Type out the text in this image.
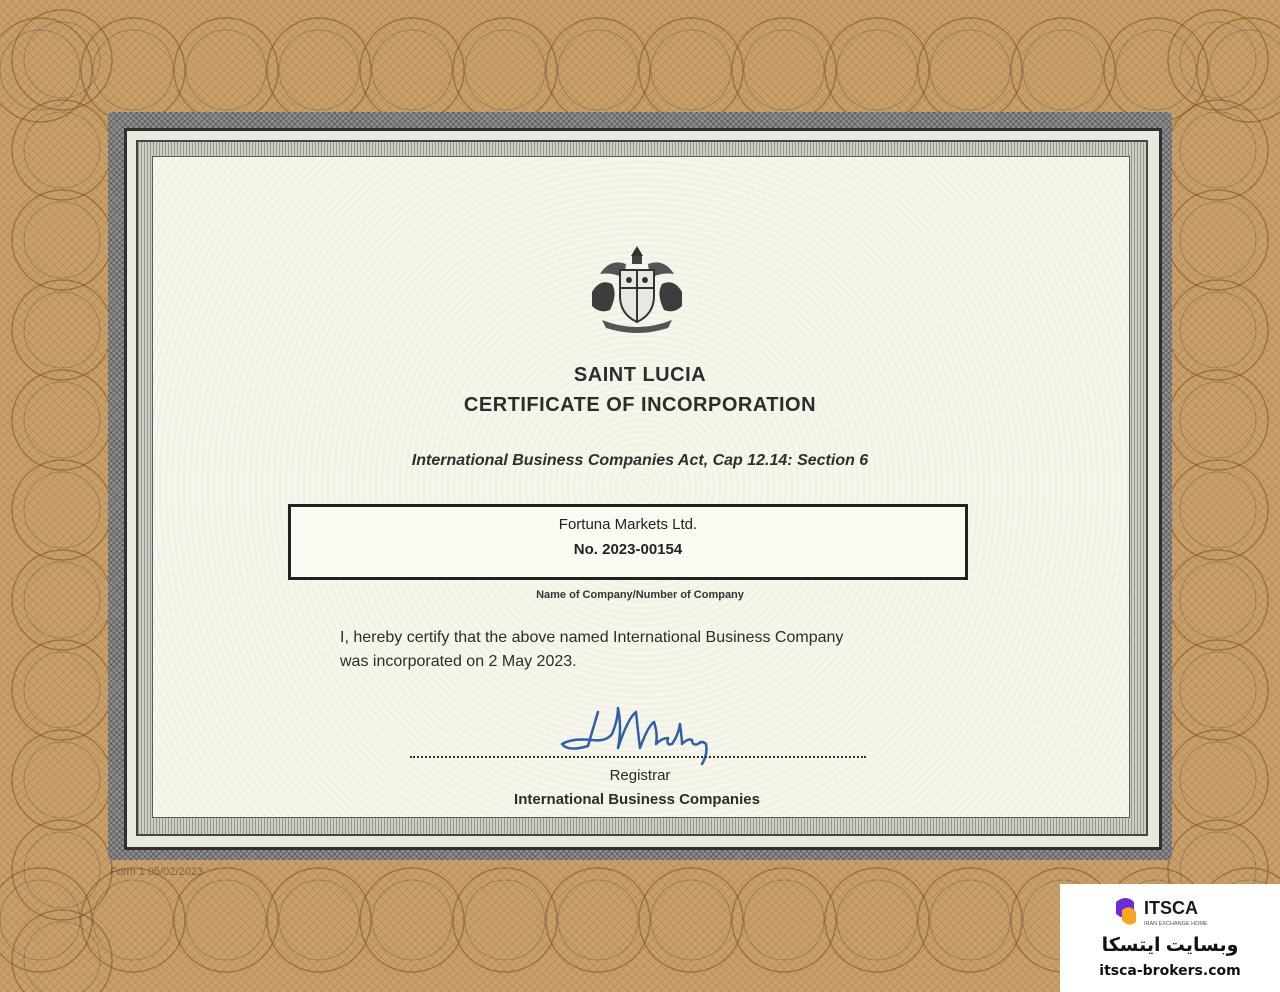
SAINT LUCIA
CERTIFICATE OF INCORPORATION
International Business Companies Act, Cap 12.14: Section 6
Fortuna Markets Ltd.
No. 2023-00154
Name of Company/Number of Company
I, hereby certify that the above named International Business Company
was incorporated on 2 May 2023.
Registrar
International Business Companies
Form 1 05/02/2023
ITSCA
IRAN EXCHANGE HOME
وبسایت ایتسکا
itsca-brokers.com
